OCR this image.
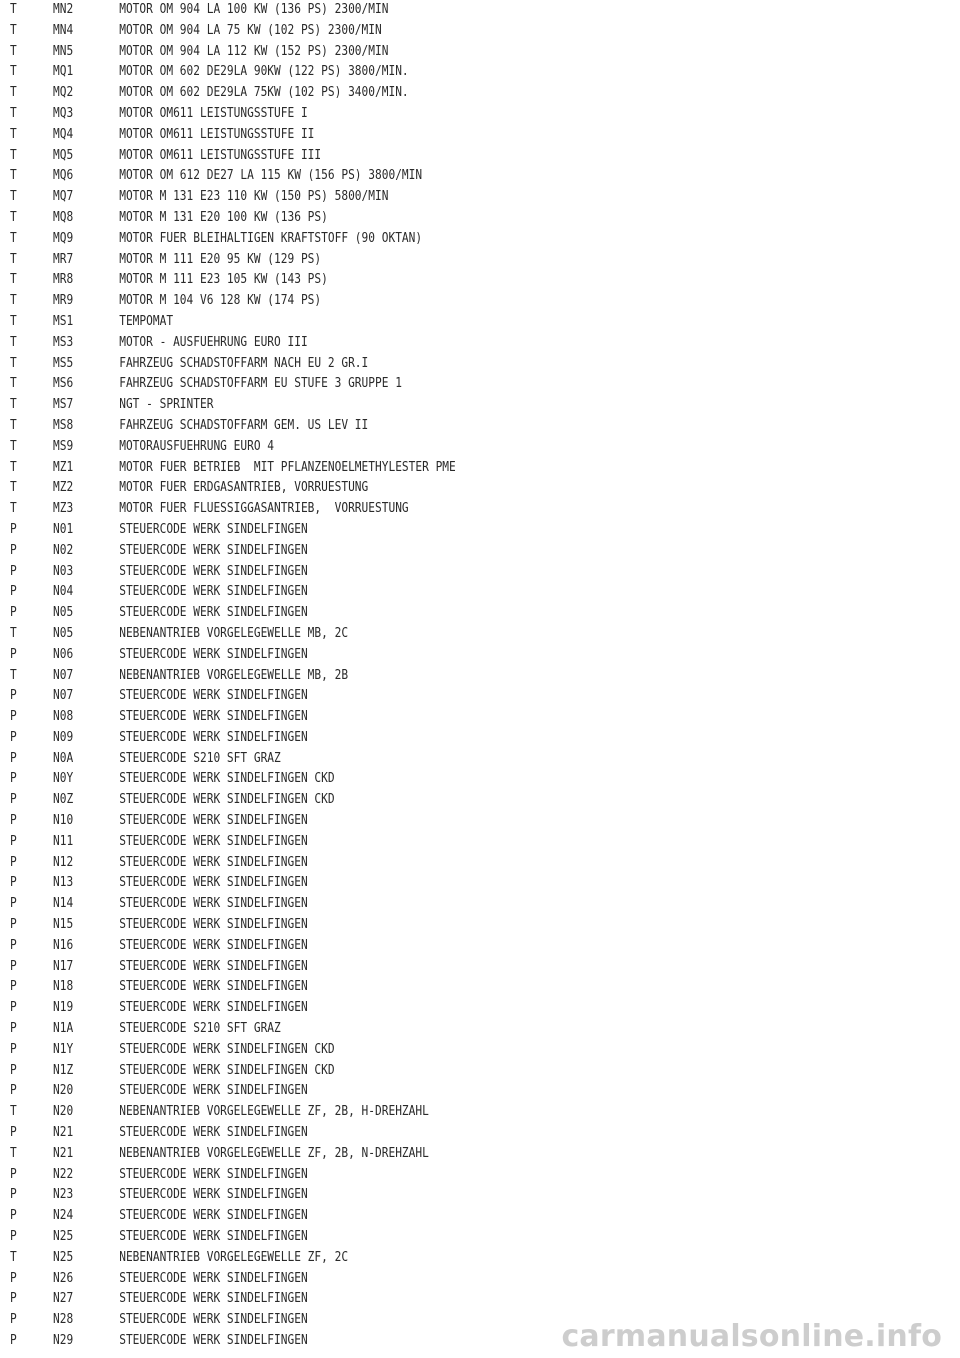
T	MN2	MOTOR OM 904 LA 100 KW (136 PS) 2300/MIN
T	MN4	MOTOR OM 904 LA 75 KW (102 PS) 2300/MIN
T	MN5	MOTOR OM 904 LA 112 KW (152 PS) 2300/MIN
T	MQ1	MOTOR OM 602 DE29LA 90KW (122 PS) 3800/MIN.
T	MQ2	MOTOR OM 602 DE29LA 75KW (102 PS) 3400/MIN.
T	MQ3	MOTOR OM611 LEISTUNGSSTUFE I
T	MQ4	MOTOR OM611 LEISTUNGSSTUFE II
T	MQ5	MOTOR OM611 LEISTUNGSSTUFE III
T	MQ6	MOTOR OM 612 DE27 LA 115 KW (156 PS) 3800/MIN
T	MQ7	MOTOR M 131 E23 110 KW (150 PS) 5800/MIN
T	MQ8	MOTOR M 131 E20 100 KW (136 PS)
T	MQ9	MOTOR FUER BLEIHALTIGEN KRAFTSTOFF (90 OKTAN)
T	MR7	MOTOR M 111 E20 95 KW (129 PS)
T	MR8	MOTOR M 111 E23 105 KW (143 PS)
T	MR9	MOTOR M 104 V6 128 KW (174 PS)
T	MS1	TEMPOMAT
T	MS3	MOTOR - AUSFUEHRUNG EURO III
T	MS5	FAHRZEUG SCHADSTOFFARM NACH EU 2 GR.I
T	MS6	FAHRZEUG SCHADSTOFFARM EU STUFE 3 GRUPPE 1
T	MS7	NGT - SPRINTER
T	MS8	FAHRZEUG SCHADSTOFFARM GEM. US LEV II
T	MS9	MOTORAUSFUEHRUNG EURO 4
T	MZ1	MOTOR FUER BETRIEB  MIT PFLANZENOELMETHYLESTER PME
T	MZ2	MOTOR FUER ERDGASANTRIEB, VORRUESTUNG
T	MZ3	MOTOR FUER FLUESSIGGASANTRIEB,  VORRUESTUNG
P	N01	STEUERCODE WERK SINDELFINGEN
P	N02	STEUERCODE WERK SINDELFINGEN
P	N03	STEUERCODE WERK SINDELFINGEN
P	N04	STEUERCODE WERK SINDELFINGEN
P	N05	STEUERCODE WERK SINDELFINGEN
T	N05	NEBENANTRIEB VORGELEGEWELLE MB, 2C
P	N06	STEUERCODE WERK SINDELFINGEN
T	N07	NEBENANTRIEB VORGELEGEWELLE MB, 2B
P	N07	STEUERCODE WERK SINDELFINGEN
P	N08	STEUERCODE WERK SINDELFINGEN
P	N09	STEUERCODE WERK SINDELFINGEN
P	N0A	STEUERCODE S210 SFT GRAZ
P	N0Y	STEUERCODE WERK SINDELFINGEN CKD
P	N0Z	STEUERCODE WERK SINDELFINGEN CKD
P	N10	STEUERCODE WERK SINDELFINGEN
P	N11	STEUERCODE WERK SINDELFINGEN
P	N12	STEUERCODE WERK SINDELFINGEN
P	N13	STEUERCODE WERK SINDELFINGEN
P	N14	STEUERCODE WERK SINDELFINGEN
P	N15	STEUERCODE WERK SINDELFINGEN
P	N16	STEUERCODE WERK SINDELFINGEN
P	N17	STEUERCODE WERK SINDELFINGEN
P	N18	STEUERCODE WERK SINDELFINGEN
P	N19	STEUERCODE WERK SINDELFINGEN
P	N1A	STEUERCODE S210 SFT GRAZ
P	N1Y	STEUERCODE WERK SINDELFINGEN CKD
P	N1Z	STEUERCODE WERK SINDELFINGEN CKD
P	N20	STEUERCODE WERK SINDELFINGEN
T	N20	NEBENANTRIEB VORGELEGEWELLE ZF, 2B, H-DREHZAHL
P	N21	STEUERCODE WERK SINDELFINGEN
T	N21	NEBENANTRIEB VORGELEGEWELLE ZF, 2B, N-DREHZAHL
P	N22	STEUERCODE WERK SINDELFINGEN
P	N23	STEUERCODE WERK SINDELFINGEN
P	N24	STEUERCODE WERK SINDELFINGEN
P	N25	STEUERCODE WERK SINDELFINGEN
T	N25	NEBENANTRIEB VORGELEGEWELLE ZF, 2C
P	N26	STEUERCODE WERK SINDELFINGEN
P	N27	STEUERCODE WERK SINDELFINGEN
P	N28	STEUERCODE WERK SINDELFINGEN
P	N29	STEUERCODE WERK SINDELFINGEN	carmanualsonline.info
